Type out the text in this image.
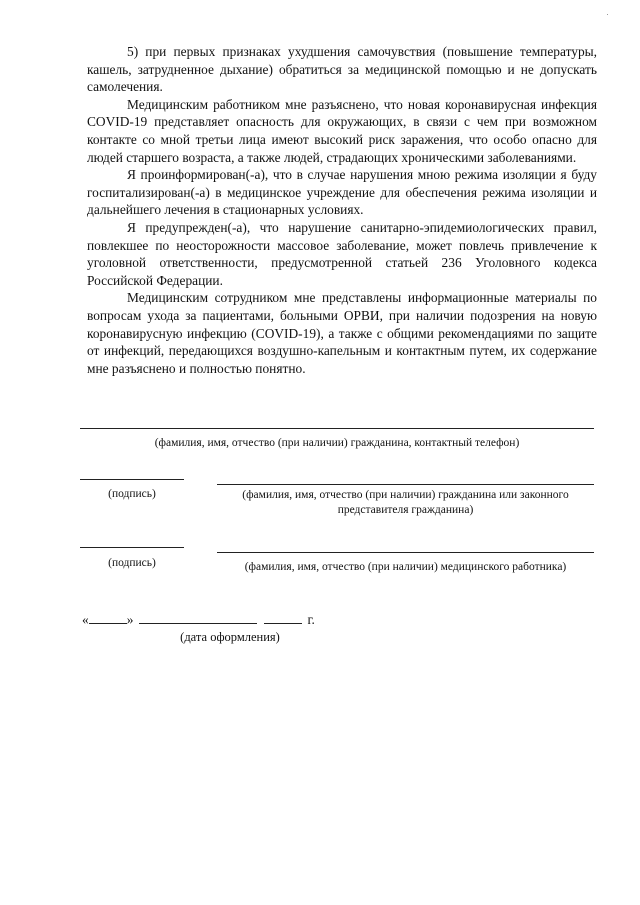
5) при первых признаках ухудшения самочувствия (повышение температуры, кашель, затрудненное дыхание) обратиться за медицинской помощью и не допускать самолечения.

Медицинским работником мне разъяснено, что новая коронавирусная инфекция COVID-19 представляет опасность для окружающих, в связи с чем при возможном контакте со мной третьи лица имеют высокий риск заражения, что особо опасно для людей старшего возраста, а также людей, страдающих хроническими заболеваниями.

Я проинформирован(-а), что в случае нарушения мною режима изоляции я буду госпитализирован(-а) в медицинское учреждение для обеспечения режима изоляции и дальнейшего лечения в стационарных условиях.

Я предупрежден(-а), что нарушение санитарно-эпидемиологических правил, повлекшее по неосторожности массовое заболевание, может повлечь привлечение к уголовной ответственности, предусмотренной статьей 236 Уголовного кодекса Российской Федерации.

Медицинским сотрудником мне представлены информационные материалы по вопросам ухода за пациентами, больными ОРВИ, при наличии подозрения на новую коронавирусную инфекцию (COVID-19), а также с общими рекомендациями по защите от инфекций, передающихся воздушно-капельным и контактным путем, их содержание мне разъяснено и полностью понятно.

(фамилия, имя, отчество (при наличии) гражданина, контактный телефон)
(подпись)	(фамилия, имя, отчество (при наличии) гражданина или законного представителя гражданина)
(подпись)	(фамилия, имя, отчество (при наличии) медицинского работника)
«	»	г.
(дата оформления)
